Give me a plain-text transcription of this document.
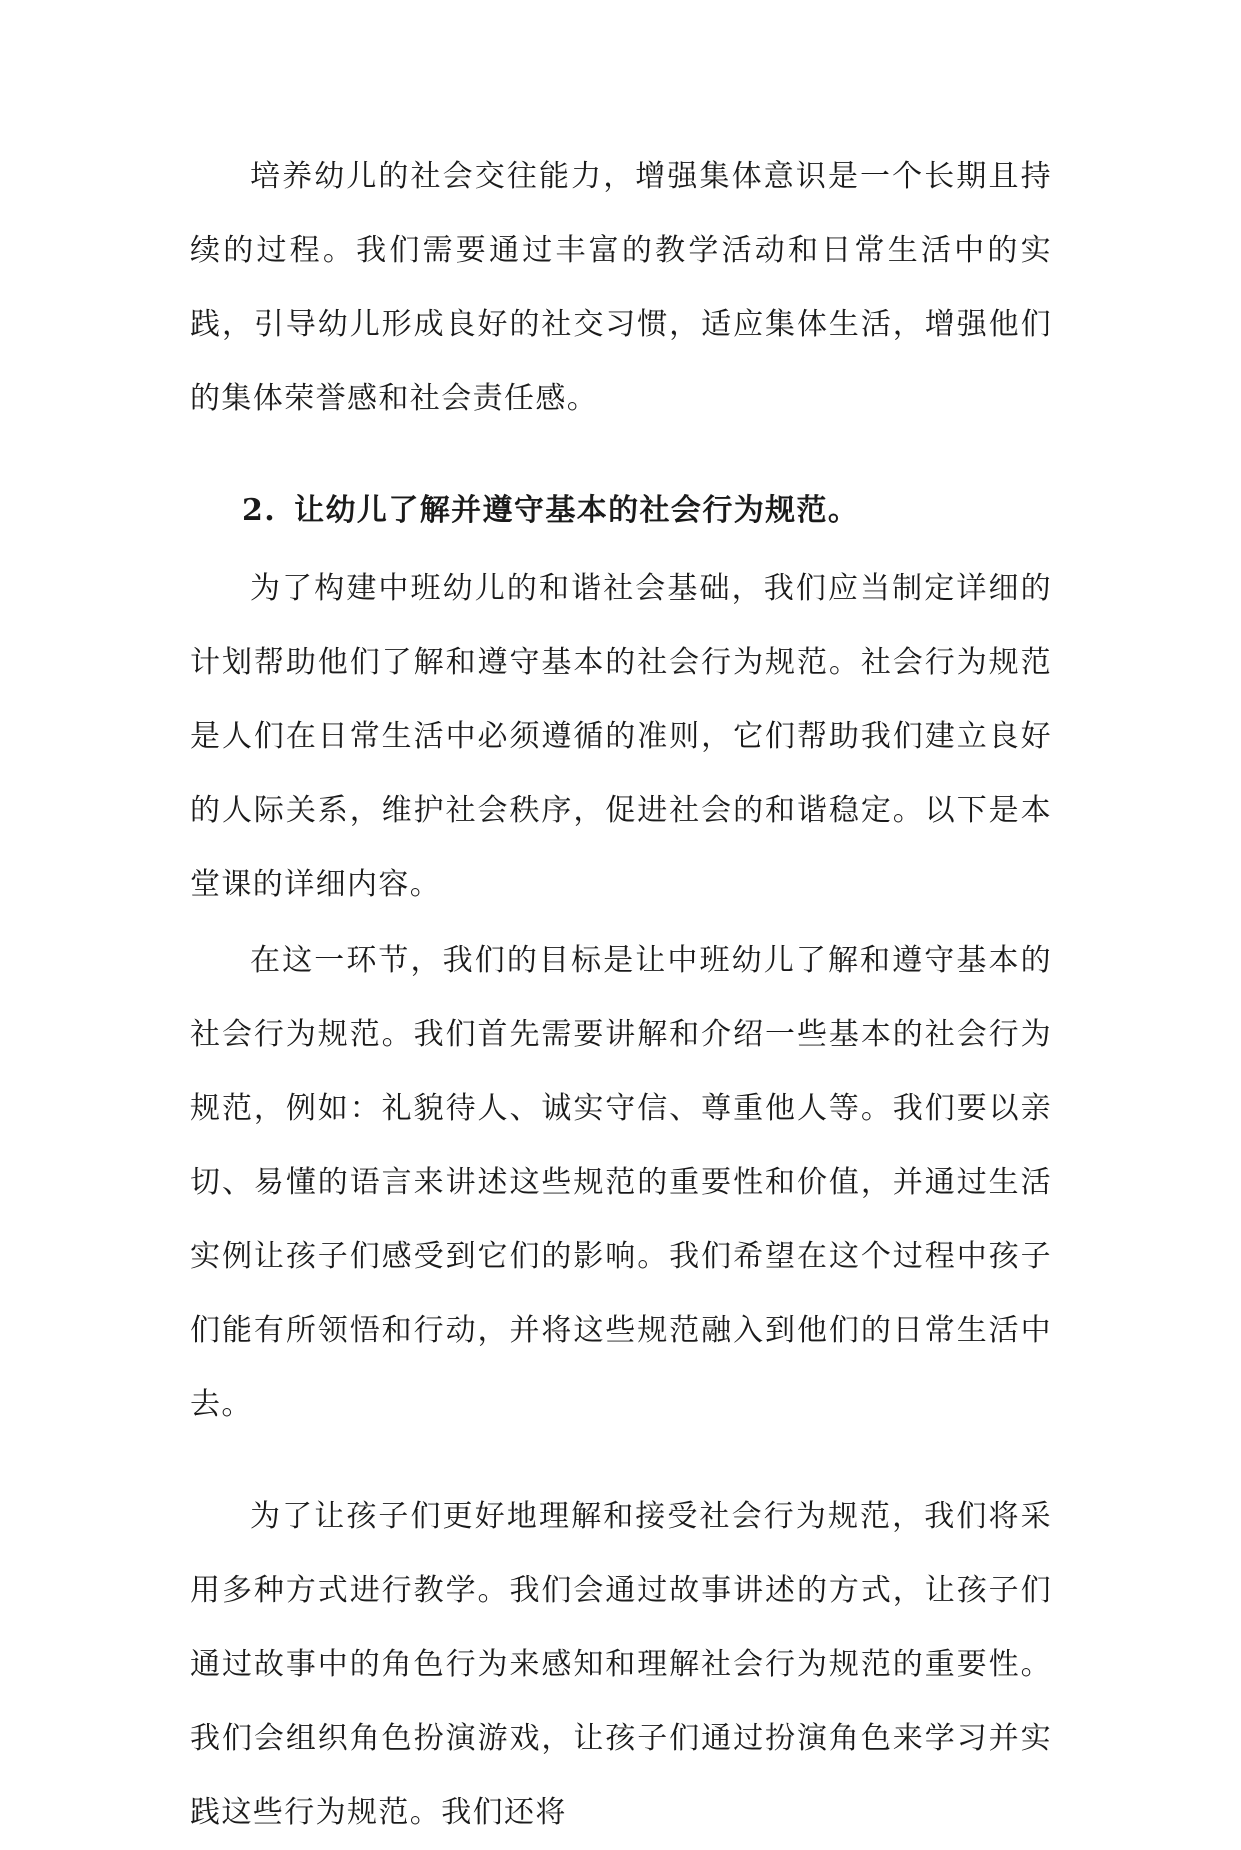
培养幼儿的社会交往能力，增强集体意识是一个长期且持续的过程。我们需要通过丰富的教学活动和日常生活中的实践，引导幼儿形成良好的社交习惯，适应集体生活，增强他们的集体荣誉感和社会责任感。

2. 让幼儿了解并遵守基本的社会行为规范。

为了构建中班幼儿的和谐社会基础，我们应当制定详细的计划帮助他们了解和遵守基本的社会行为规范。社会行为规范是人们在日常生活中必须遵循的准则，它们帮助我们建立良好的人际关系，维护社会秩序，促进社会的和谐稳定。以下是本堂课的详细内容。

在这一环节，我们的目标是让中班幼儿了解和遵守基本的社会行为规范。我们首先需要讲解和介绍一些基本的社会行为规范，例如：礼貌待人、诚实守信、尊重他人等。我们要以亲切、易懂的语言来讲述这些规范的重要性和价值，并通过生活实例让孩子们感受到它们的影响。我们希望在这个过程中孩子们能有所领悟和行动，并将这些规范融入到他们的日常生活中去。

为了让孩子们更好地理解和接受社会行为规范，我们将采用多种方式进行教学。我们会通过故事讲述的方式，让孩子们通过故事中的角色行为来感知和理解社会行为规范的重要性。我们会组织角色扮演游戏，让孩子们通过扮演角色来学习并实践这些行为规范。我们还将
